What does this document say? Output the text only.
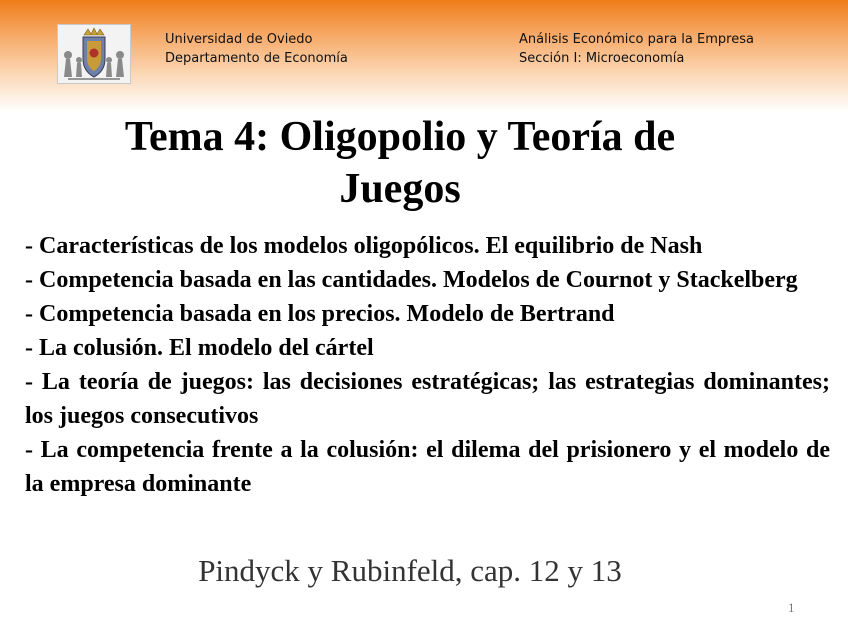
Universidad de Oviedo
Departamento de Economía
Análisis Económico para la Empresa
Sección I: Microeconomía
Tema 4: Oligopolio y Teoría de
Juegos

- Características de los modelos oligopólicos. El equilibrio de Nash

- Competencia basada en las cantidades. Modelos de Cournot y Stackelberg

- Competencia basada en los precios. Modelo de Bertrand

- La colusión. El modelo del cártel

- La teoría de juegos: las decisiones estratégicas; las estrategias dominantes; los juegos consecutivos

- La competencia frente a la colusión: el dilema del prisionero y el modelo de la empresa dominante

Pindyck y Rubinfeld, cap. 12 y 13
1
